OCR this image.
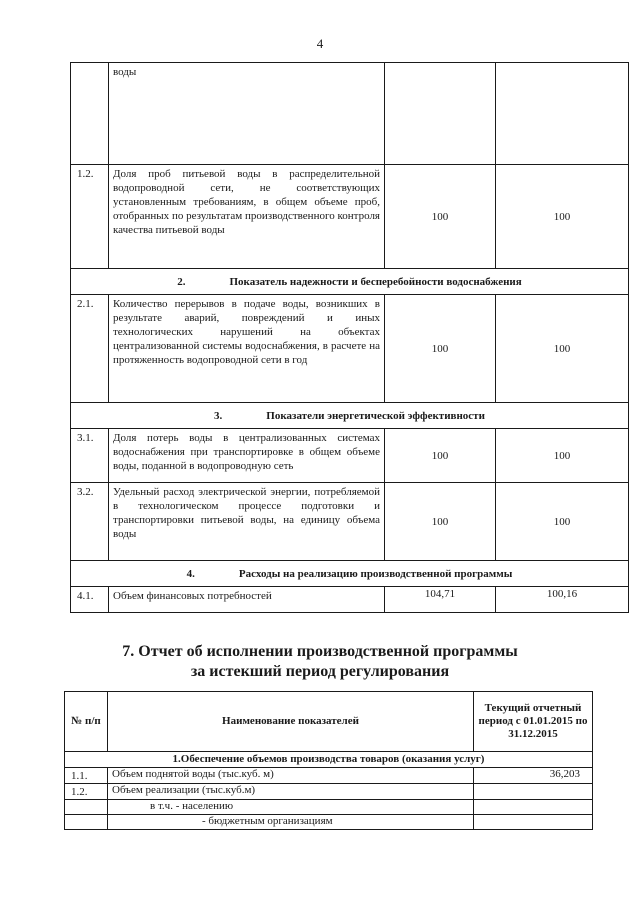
4
	воды		
1.2.	Доля проб питьевой воды в распределительной водопроводной сети, не соответствующих установленным требованиям, в общем объеме проб, отобранных по результатам производственного контроля качества питьевой воды	100	100
2. Показатель надежности и бесперебойности водоснабжения			
2.1.	Количество перерывов в подаче воды, возникших в результате аварий, повреждений и иных технологических нарушений на объектах централизованной системы водоснабжения, в расчете на протяженность водопроводной сети в год	100	100
3. Показатели энергетической эффективности			
3.1.	Доля потерь воды в централизованных системах водоснабжения при транспортировке в общем объеме воды, поданной в водопроводную сеть	100	100
3.2.	Удельный расход электрической энергии, потребляемой в технологическом процессе подготовки и транспортировки питьевой воды, на единицу объема воды	100	100
4. Расходы на реализацию производственной программы			
4.1.	Объем финансовых потребностей	104,71	100,16
7. Отчет об исполнении производственной программы
за истекший период регулирования
№ п/п	Наименование показателей	Текущий отчетный период с 01.01.2015 по 31.12.2015
1.Обеспечение объемов производства товаров (оказания услуг)		
1.1.	Объем поднятой воды (тыс.куб. м)	36,203
1.2.	Объем реализации (тыс.куб.м)	
	в т.ч. - населению	
	- бюджетным организациям	
